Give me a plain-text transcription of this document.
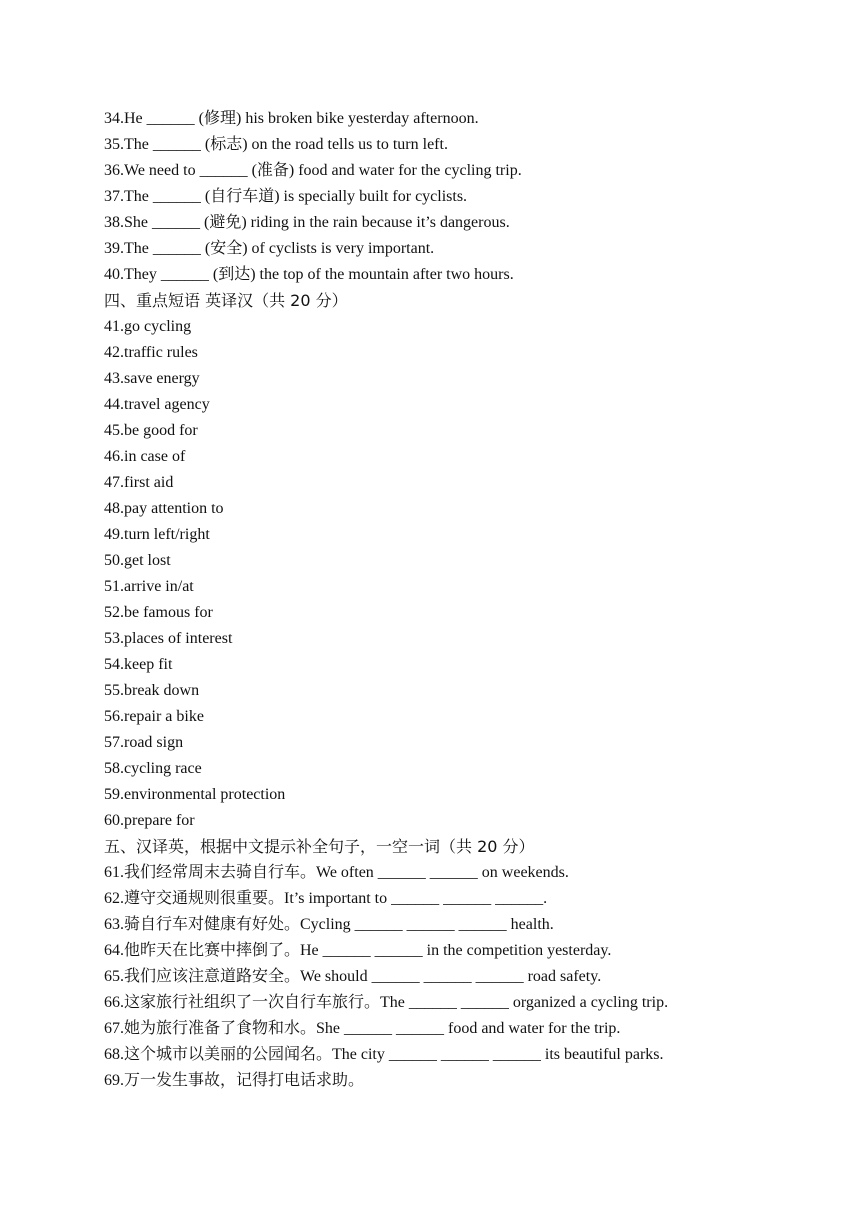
34.He ______ (修理) his broken bike yesterday afternoon.
35.The ______ (标志) on the road tells us to turn left.
36.We need to ______ (准备) food and water for the cycling trip.
37.The ______ (自行车道) is specially built for cyclists.
38.She ______ (避免) riding in the rain because it’s dangerous.
39.The ______ (安全) of cyclists is very important.
40.They ______ (到达) the top of the mountain after two hours.
四、重点短语 英译汉（共 20 分）
41.go cycling
42.traffic rules
43.save energy
44.travel agency
45.be good for
46.in case of
47.first aid
48.pay attention to
49.turn left/right
50.get lost
51.arrive in/at
52.be famous for
53.places of interest
54.keep fit
55.break down
56.repair a bike
57.road sign
58.cycling race
59.environmental protection
60.prepare for
五、汉译英，根据中文提示补全句子，一空一词（共 20 分）
61.我们经常周末去骑自行车。We often ______ ______ on weekends.
62.遵守交通规则很重要。It’s important to ______ ______ ______.
63.骑自行车对健康有好处。Cycling ______ ______ ______ health.
64.他昨天在比赛中摔倒了。He ______ ______ in the competition yesterday.
65.我们应该注意道路安全。We should ______ ______ ______ road safety.
66.这家旅行社组织了一次自行车旅行。The ______ ______ organized a cycling trip.
67.她为旅行准备了食物和水。She ______ ______ food and water for the trip.
68.这个城市以美丽的公园闻名。The city ______ ______ ______ its beautiful parks.
69.万一发生事故，记得打电话求助。
